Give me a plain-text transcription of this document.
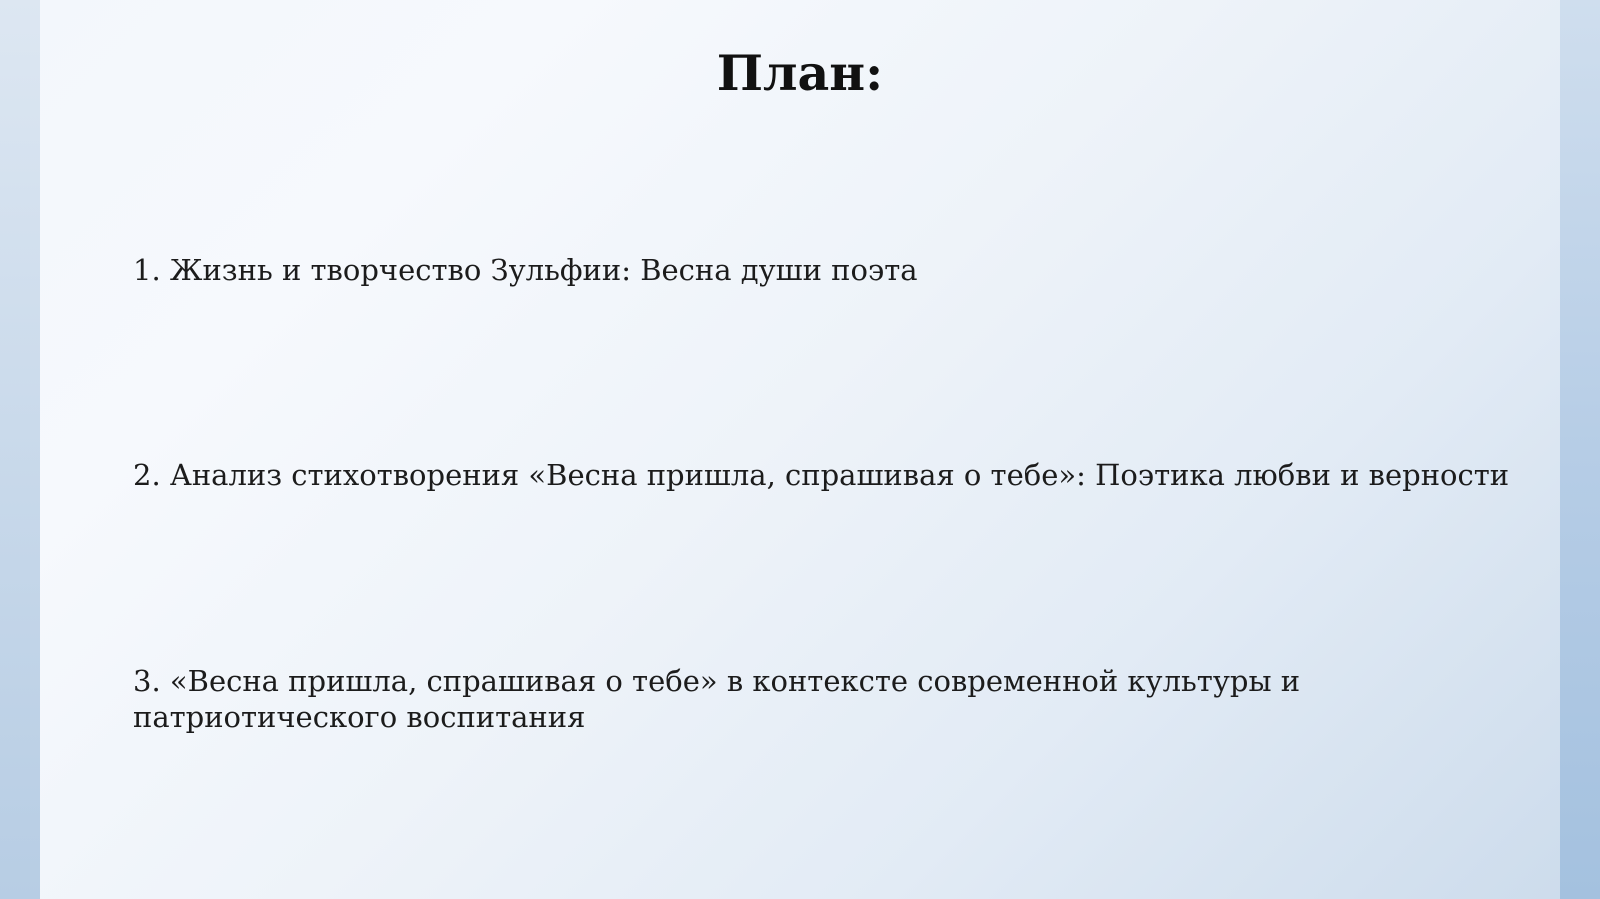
План:

1. Жизнь и творчество Зульфии: Весна души поэта

2. Анализ стихотворения «Весна пришла, спрашивая о тебе»: Поэтика любви и верности

3. «Весна пришла, спрашивая о тебе» в контексте современной культуры и патриотического воспитания
